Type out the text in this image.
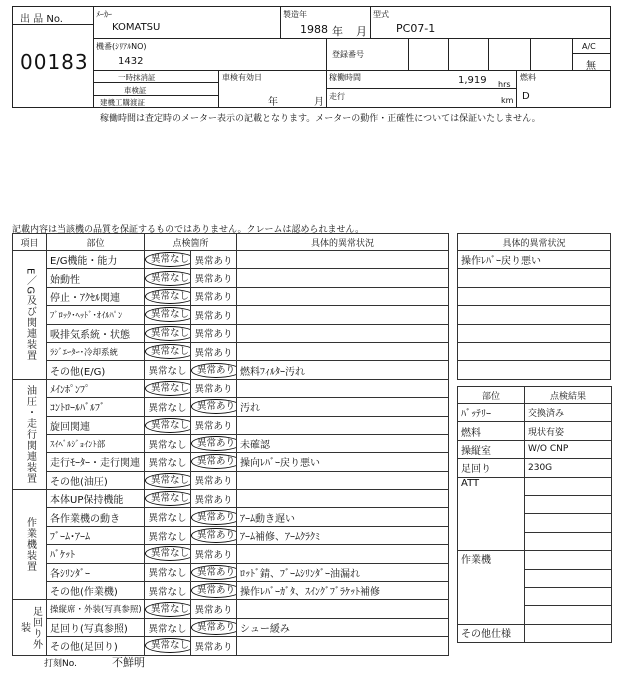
出 品 No.
00183
ﾒｰｶｰ
KOMATSU
製造年
1988 年 月
型式
PC07-1
機番(ｼﾘｱﾙNO)
1432
登録番号
A/C
無
一時抹消証
車検証
建機工購渡証
車検有効日
年	月
稼働時間	1,919 hrs
走行	km
燃料
D
稼働時間は査定時のメーター表示の記載となります。メーターの動作・正確性については保証いたしません。
記載内容は当該機の品質を保証するものではありません。クレームは認められません。
項目	部位	点検箇所		具体的異常状況
E／G及び関連装置	E/G機能・能力	異常なし	異常あり	
	始動性	異常なし	異常あり	
	停止・ｱｸｾﾙ関連	異常なし	異常あり	
	ﾌﾞﾛｯｸ･ﾍｯﾄﾞ･ｵｲﾙﾊﾟﾝ	異常なし	異常あり	
	吸排気系統・状態	異常なし	異常あり	
	ﾗｼﾞｴｰﾀｰ･冷却系統	異常なし	異常あり	
	その他(E/G)	異常なし	異常あり	燃料ﾌｨﾙﾀｰ汚れ
油圧・走行関連装置	ﾒｲﾝﾎﾟﾝﾌﾟ	異常なし	異常あり	
	ｺﾝﾄﾛｰﾙﾊﾞﾙﾌﾞ	異常なし	異常あり	汚れ
	旋回関連	異常なし	異常あり	
	ｽｲﾍﾞﾙｼﾞｮｲﾝﾄ部	異常なし	異常あり	未確認
	走行ﾓｰﾀｰ・走行関連	異常なし	異常あり	操向ﾚﾊﾞｰ戻り悪い
	その他(油圧)	異常なし	異常あり	
作業機装置	本体UP保持機能	異常なし	異常あり	
	各作業機の動き	異常なし	異常あり	ｱｰﾑ動き遅い
	ﾌﾞｰﾑ･ｱｰﾑ	異常なし	異常あり	ｱｰﾑ補修、ｱｰﾑｸﾗｸﾐ
	ﾊﾞｹｯﾄ	異常なし	異常あり	
	各ｼﾘﾝﾀﾞｰ	異常なし	異常あり	ﾛｯﾄﾞ錆、ﾌﾞｰﾑｼﾘﾝﾀﾞｰ油漏れ
	その他(作業機)	異常なし	異常あり	操作ﾚﾊﾞｰｶﾞﾀ、ｽｲﾝｸﾞﾌﾞﾗｹｯﾄ補修
足回り外装	操縦席・外装(写真参照)	異常なし	異常あり	
	足回り(写真参照)	異常なし	異常あり	シュー緩み
	その他(足回り)	異常なし	異常あり	
具体的異常状況
操作ﾚﾊﾞｰ戻り悪い

部位	点検結果
ﾊﾞｯﾃﾘｰ	交換済み
燃料	現状有姿
操縦室	W/O CNP
足回り	230G
ATT	

作業機	

その他仕様	
打刻No.	不鮮明
